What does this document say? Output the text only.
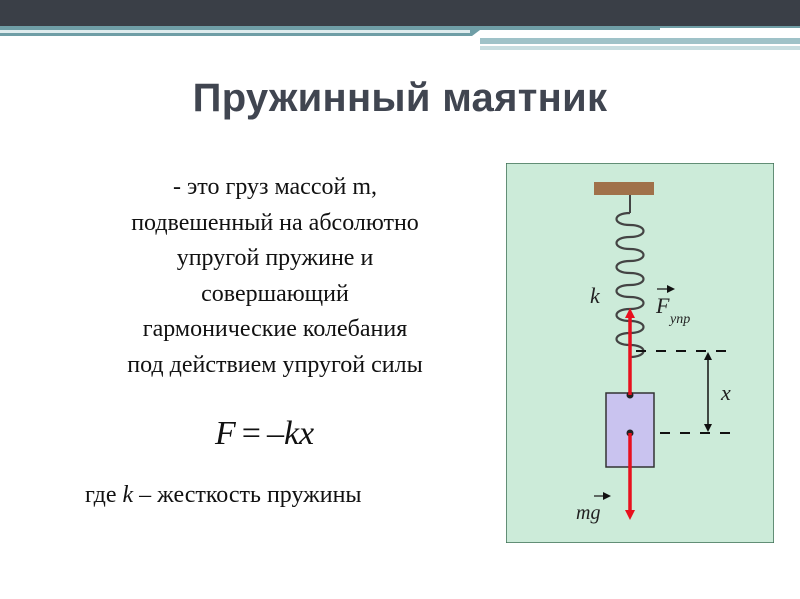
Пружинный маятник
- это груз массой m,
подвешенный на абсолютно
упругой пружине и
совершающий
гармонические колебания
под действием упругой силы
F = –kx
где k – жесткость пружины
x
k	F
упр
mg
